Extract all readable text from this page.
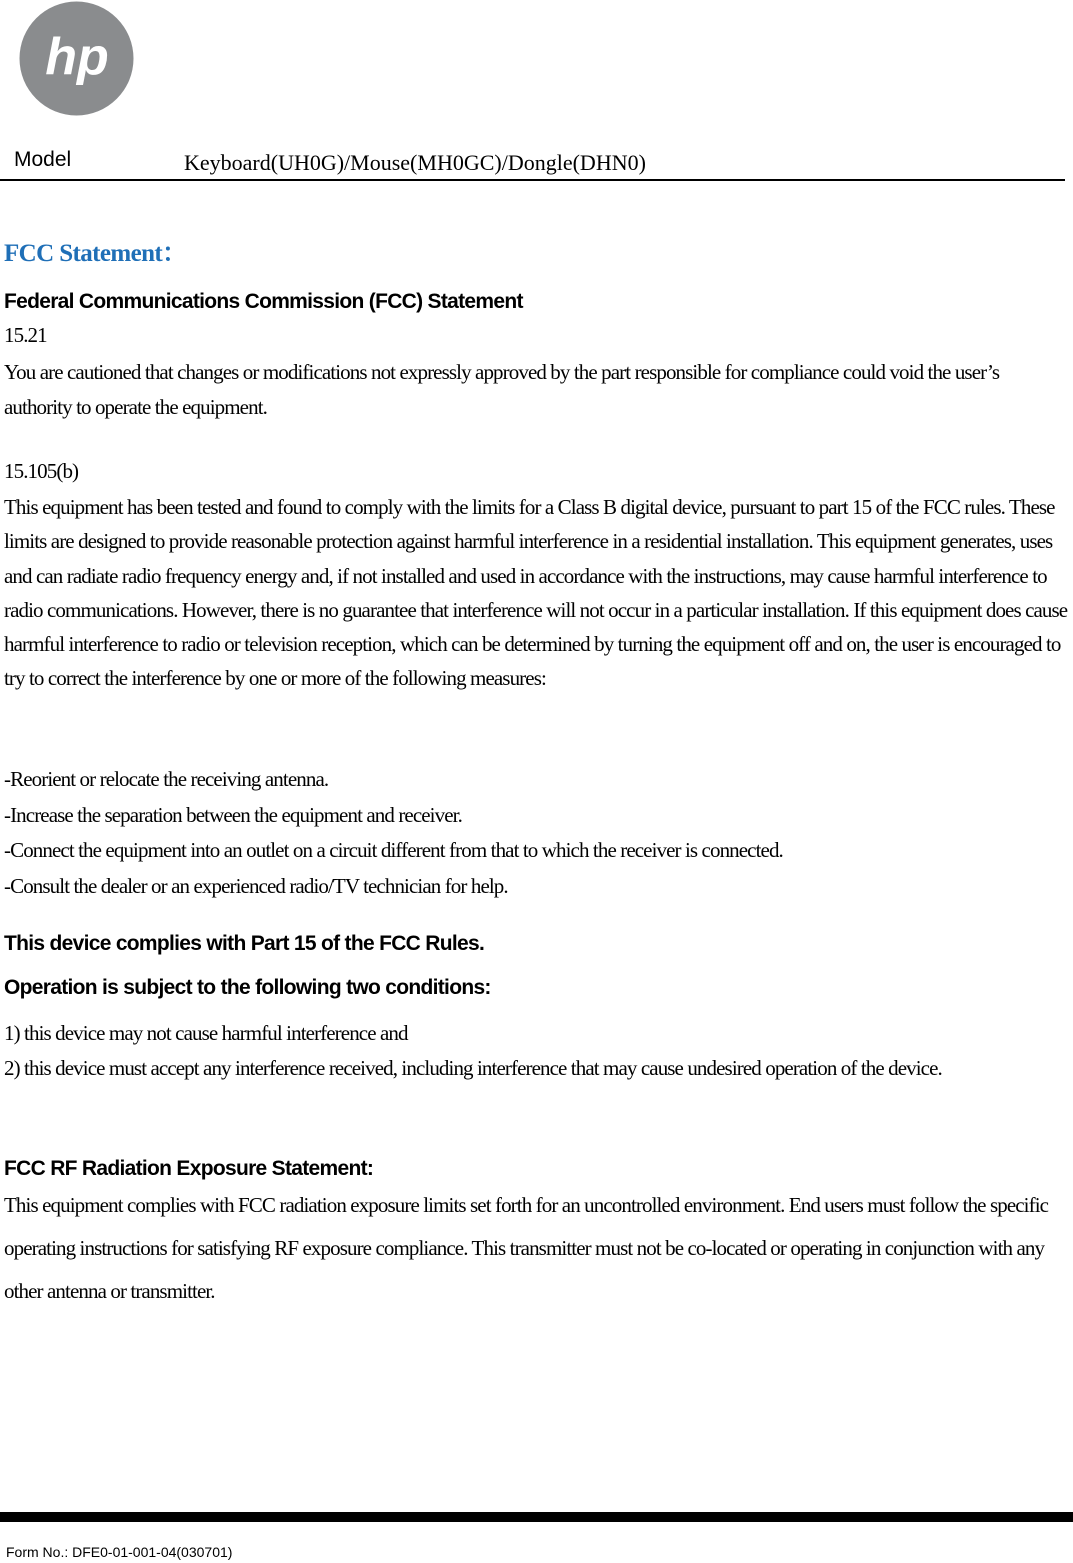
hp
Model	Keyboard(UH0G)/Mouse(MH0GC)/Dongle(DHN0)
FCC Statement：
Federal Communications Commission (FCC) Statement
15.21
You are cautioned that changes or modifications not expressly approved by the part responsible for compliance could void the user’s authority to operate the equipment.
15.105(b)
This equipment has been tested and found to comply with the limits for a Class B digital device, pursuant to part 15 of the FCC rules. These limits are designed to provide reasonable protection against harmful interference in a residential installation. This equipment generates, uses and can radiate radio frequency energy and, if not installed and used in accordance with the instructions, may cause harmful interference to radio communications. However, there is no guarantee that interference will not occur in a particular installation. If this equipment does cause harmful interference to radio or television reception, which can be determined by turning the equipment off and on, the user is encouraged to try to correct the interference by one or more of the following measures:
-Reorient or relocate the receiving antenna.
-Increase the separation between the equipment and receiver.
-Connect the equipment into an outlet on a circuit different from that to which the receiver is connected.
-Consult the dealer or an experienced radio/TV technician for help.
This device complies with Part 15 of the FCC Rules.
Operation is subject to the following two conditions:
1) this device may not cause harmful interference and
2) this device must accept any interference received, including interference that may cause undesired operation of the device.
FCC RF Radiation Exposure Statement:
This equipment complies with FCC radiation exposure limits set forth for an uncontrolled environment. End users must follow the specific operating instructions for satisfying RF exposure compliance. This transmitter must not be co-located or operating in conjunction with any other antenna or transmitter.
Form No.: DFE0-01-001-04(030701)
